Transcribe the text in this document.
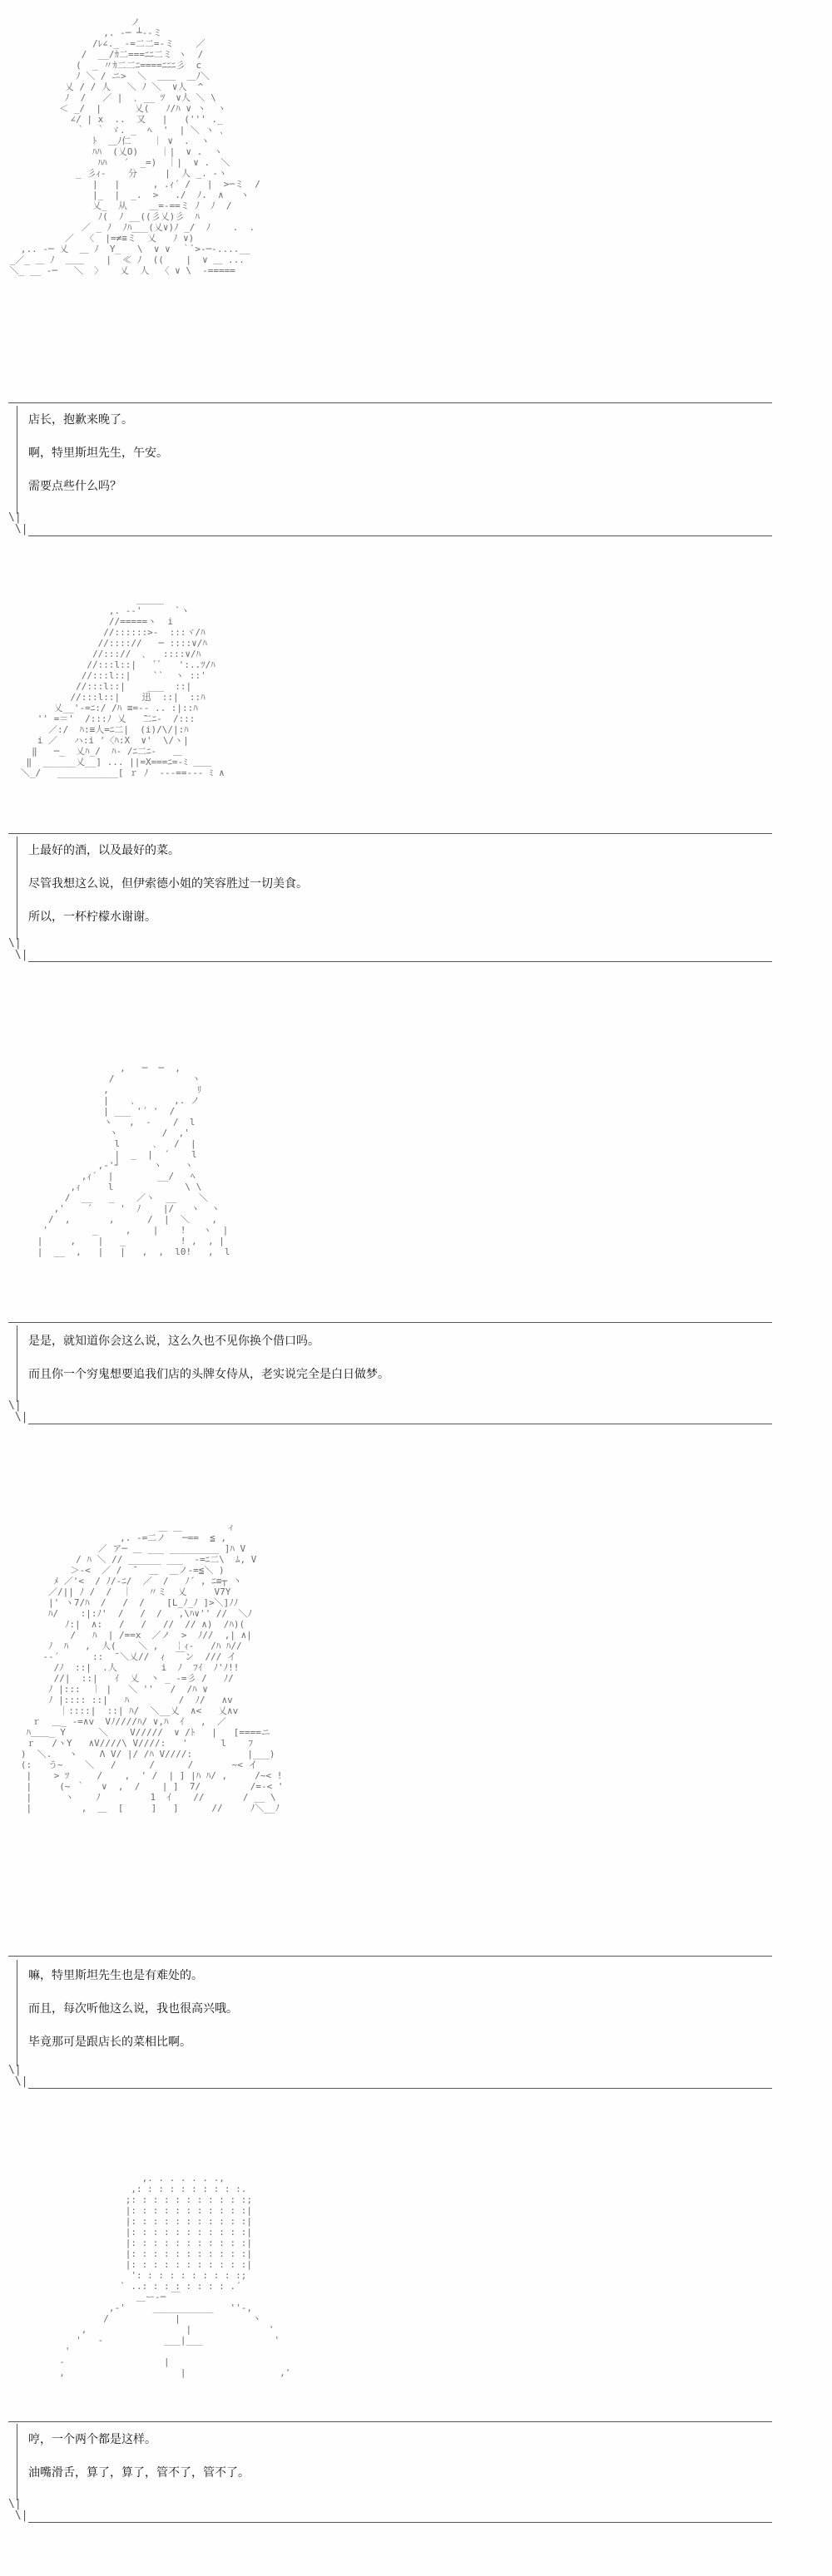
ノ
,. -─ ┴‐-ミ
/ﾚ∠._ -=二二=-ミ    ／
/  __/ｶ二===ﾆﾆ二ミ ヽ  /
(  _ 〃ｶ二二ﾆ====ﾆﾆﾆ彡  c
ﾉ ＼ / ニ>  ＼  ＿＿  ＿ﾉ＼
乂 / / 人   ＼ ﾉ ＼  ∨人  ^
ﾉ  /   ／ |  ､ __ ﾂ  ∨人 ＼ \
＜ _/  |      乂(   ﾉ/ﾊ ∨ ヽ  ヽ
∠/ | x  ..  又   |   (''' ._
｀  ｀ ゞ. _  ﾍ  '  | ＼ ヽ ､
ﾄ  ＿ﾉ仁    ｜ ∨  .  ヽ
ﾊﾊ  (乂O)    ｜|  ∨ .  ヽ
ﾊﾊ   ´  _=)  ｜|  ∨ .  ＼
_ 彡ｨ-    分     |  人 _. -ヽ
|   |      , .ｨ´ /   |  >─ミ  /
|_  |  _.  >   ./  ﾉ.  ∧   ヽ
乂_  从    ＿=-==ミ ﾉ  ﾉ  /
ﾉ(  ﾉ __((彡乂)彡  ﾊ
／ _ ﾉ  ﾉﾊ___(乂∨)ﾉ _/  ﾉ    .  .
／  〈  |=≠≡ミ  乂   ﾉ ∨)
,.. -─ 乂  ＿ ﾉ  Y_   \  ∨ ∨  ｀ﾞ>-─-....__
_／_ ＿ ﾉ  ＿＿    |  ≪ ﾉ  ((    |  ∨ ＿ ...
＼_ __ -─   ＼  〉   乂  人  〈 ∨ \  ‐=====
\|
\|
店长，抱歉来晚了。
啊，特里斯坦先生，午安。
需要点些什么吗？
＿＿＿
,. -‐'      `ヽ
//=====ヽ  i
//::::::>-  :::ヾ/ﾊ
//:::://   ─ ::::∨/ﾊ
//::://  ､   ::::∨/ﾊ
//:::l::|   ﾞﾞ   ':..ﾂ/ﾊ
//:::l::|    ``  ヽ ::'
//:::l::|    ___  ::|
//:::l::|    迅  ::|  ::ﾊ
乂__'-=ﾆ:/ /ﾊ ≡=-- .. :|::ﾊ
'' =＝'  /:::ﾉ 乂   ̄二ﾆ-  /:::
／:/  ﾊ:≡人=ﾆ二|  (i)/\/|:ﾊ
i ／   ハ:i '〈ﾊ:X  ∨'  \/ヽ|
‖   ─_  乂ﾊ_/  ﾊ- /ﾆ二ﾆ-   ＿
‖  ______乂__] ... ||=X===ﾆ=-ﾐ ＿＿
＼_/   ___________[ ｒ ﾉ  ---==--- ﾐ ∧
\|
\|
上最好的酒，以及最好的菜。
尽管我想这么说，但伊索德小姐的笑容胜过一切美食。
所以，一杯柠檬水谢谢。
,   ─  ─  ,
/              ヽ
,                ﾘ
|    ､       ,. ノ
| ___ '´ '  /
ヽ   ,  -    /  l
ヽ        /  ,'
l      ､   /  |
|  _  |  ´    l
,-'┘      ヽ    ヽ
,ｨ´  |        __/   ﾍ
,ｨ     l             \ \
/  __   _    ／ヽ  __    ＼
,'    ´     '  ﾉ    |/   ヽ  ヽ
/  ,       ,      /  |  ＼    ,
'        _     ,    |    !   ヽ  |
|     ,    |   _          ! ,  , |
|  __  ,   |   |   ,  ,  l0!   ,  l
\|
\|
是是，就知道你会这么说，这么久也不见你换个借口吗。
而且你一个穷鬼想要追我们店的头牌女侍从，老实说完全是白日做梦。
＿ ＿        ィ
,. ‐=二ノ   ─==  ≦ ,
／ ア─ ＿ ___ _________ ]ﾊ V
/ ﾊ ＼ // ______ ___  -=ﾆ二\  ﾑ, V
＞-<  ／ /  ̄   ＿  ＿ノ-=≦＼ )
ﾒ ／'<  / ﾉ/-ﾆ/  ／  /   ﾉ´ , ﾆ≡┬ 丶
／/|| ﾉ /  /  ｜   〃ミ  乂     V7Y
|' ヽ7/ﾊ  /   /  /    [L_ﾉ_ﾉ ]>＼]ﾉﾉ
ﾊ/    :|:ﾉ'  /   /  /   ,\ﾊ∨'' //  ＼ﾉ
ﾉ:|  ∧:   /   /   //  // ∧)  /ﾊ)(
/   ﾊ  | /==x  ／ノ  >  ﾉ//  ,| ∧|
ﾉ  ﾊ   ,  人(    ＼ ,   ￤ｨ-   /ﾊ ﾊ//
-‐´      ::  ̄ ＼乂//  ｨ  ￣ン  /// イ
/ﾉ  ::|  .人        i  ﾉ  ﾌｲ  ﾉ'ﾉ!!
//|  ::|   ｲ  乂  丶 _ -=彡 /   ﾉ/
ﾉ |:::  ｜ |   ＼ ''   /  /ﾊ ∨
ﾉ |:::: ::|   ﾊ         /  ﾉ/   ∧v
｜::::|  ::| ﾊ/  ＼__乂  ∧<   乂∧v
ｒ  ＿_ -=∧v  Vﾉ////ﾊ/ ∨,ﾊ  ｲ   ,  ／
ﾊ＿＿_ Y      ＼    V/////  ∨ /ﾄ   |   [====ニ
ｒ   /ヽY   ∧V////\ V////:   '      l    ﾌ
)  ＼.   ヽ    Λ V/ |/ /ﾊ V////:          |___)
(:   う~    ＼   /      /      /       ~< イ
|    > ﾂ     /    ,  ' /  | ] |ﾊ ﾊ/ ,     /~< !
|     (~ ｀   ∨  ,  /    | ]  7/         /=-< '
|      ヽ    ﾉ         1  ｲ    //       / __ \
|         ,  ＿  [     ]   ]      //     ﾉ＼__ﾉ

\|
\|
嘛，特里斯坦先生也是有难处的。
而且，每次听他这么说，我也很高兴哦。
毕竟那可是跟店长的菜相比啊。
,. . . . . . .,
,: : : : : : : : : :.
;: : : : : : : : : : :;
|: : : : : : : : : : :|
|: : : : : : : : : : :|
|: : : : : : : : : : :|
|: : : : : : : : : : :|
|: : : : : : : : : : :|
|: : : : : : : : : : :|
': : : : : : : : : :;
` ..: : : : : : : : .´
＿ー‐─ ￣
,-'     ___________   ''-,
/            |             ヽ
,                  |              '
'   -           ___|___             '
'
-                  |
,                     |                 ,'
\|
\|
哼，一个两个都是这样。
油嘴滑舌，算了，算了，管不了，管不了。
